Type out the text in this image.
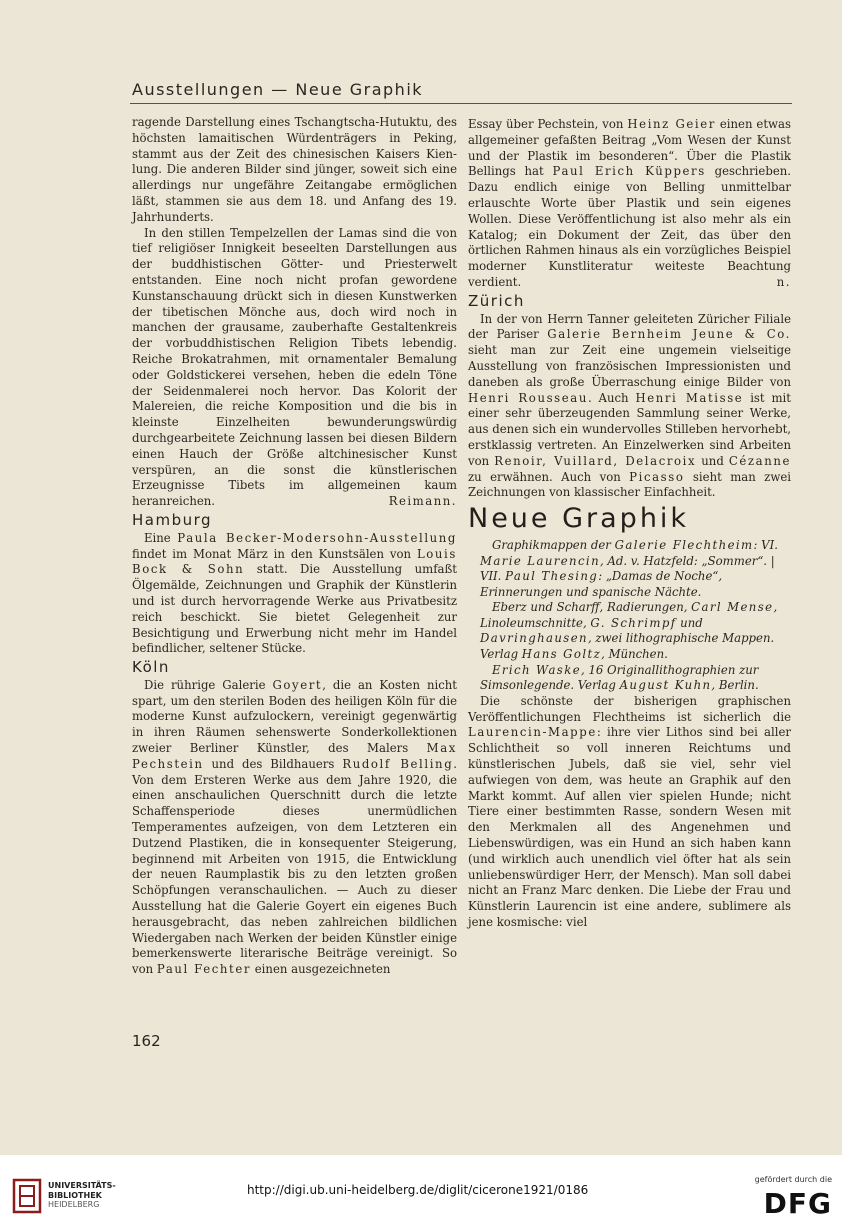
Ausstellungen — Neue Graphik

ragende Darstellung eines Tschangtscha-Hutuktu, des höchsten lamaitischen Würdenträgers in Peking, stammt aus der Zeit des chinesischen Kaisers Kien-lung. Die anderen Bilder sind jünger, soweit sich eine allerdings nur ungefähre Zeitangabe ermöglichen läßt, stammen sie aus dem 18. und Anfang des 19. Jahrhunderts.

In den stillen Tempelzellen der Lamas sind die von tief religiöser Innigkeit beseelten Darstellungen aus der buddhistischen Götter- und Priesterwelt entstanden. Eine noch nicht profan gewordene Kunstanschauung drückt sich in diesen Kunstwerken der tibetischen Mönche aus, doch wird noch in manchen der grausame, zauberhafte Gestaltenkreis der vorbuddhistischen Religion Tibets lebendig. Reiche Brokatrahmen, mit ornamentaler Bemalung oder Goldstickerei versehen, heben die edeln Töne der Seidenmalerei noch hervor. Das Kolorit der Malereien, die reiche Komposition und die bis in kleinste Einzelheiten bewunderungswürdig durchgearbeitete Zeichnung lassen bei diesen Bildern einen Hauch der Größe altchinesischer Kunst verspüren, an die sonst die künstlerischen Erzeugnisse Tibets im allgemeinen kaum heranreichen.	Reimann.

Hamburg

Eine Paula Becker-Modersohn-Ausstellung findet im Monat März in den Kunstsälen von Louis Bock & Sohn statt. Die Ausstellung umfaßt Ölgemälde, Zeichnungen und Graphik der Künstlerin und ist durch hervorragende Werke aus Privatbesitz reich beschickt. Sie bietet Gelegenheit zur Besichtigung und Erwerbung nicht mehr im Handel befindlicher, seltener Stücke.

Köln

Die rührige Galerie Goyert, die an Kosten nicht spart, um den sterilen Boden des heiligen Köln für die moderne Kunst aufzulockern, vereinigt gegenwärtig in ihren Räumen sehenswerte Sonderkollektionen zweier Berliner Künstler, des Malers Max Pechstein und des Bildhauers Rudolf Belling. Von dem Ersteren Werke aus dem Jahre 1920, die einen anschaulichen Querschnitt durch die letzte Schaffensperiode dieses unermüdlichen Temperamentes aufzeigen, von dem Letzteren ein Dutzend Plastiken, die in konsequenter Steigerung, beginnend mit Arbeiten von 1915, die Entwicklung der neuen Raumplastik bis zu den letzten großen Schöpfungen veranschaulichen. — Auch zu dieser Ausstellung hat die Galerie Goyert ein eigenes Buch herausgebracht, das neben zahlreichen bildlichen Wiedergaben nach Werken der beiden Künstler einige bemerkenswerte literarische Beiträge vereinigt. So von Paul Fechter einen ausgezeichneten

Essay über Pechstein, von Heinz Geier einen etwas allgemeiner gefaßten Beitrag „Vom Wesen der Kunst und der Plastik im besonderen“. Über die Plastik Bellings hat Paul Erich Küppers geschrieben. Dazu endlich einige von Belling unmittelbar erlauschte Worte über Plastik und sein eigenes Wollen. Diese Veröffentlichung ist also mehr als ein Katalog; ein Dokument der Zeit, das über den örtlichen Rahmen hinaus als ein vorzügliches Beispiel moderner Kunstliteratur weiteste Beachtung verdient.	n.

Zürich

In der von Herrn Tanner geleiteten Züricher Filiale der Pariser Galerie Bernheim Jeune & Co. sieht man zur Zeit eine ungemein vielseitige Ausstellung von französischen Impressionisten und daneben als große Überraschung einige Bilder von Henri Rousseau. Auch Henri Matisse ist mit einer sehr überzeugenden Sammlung seiner Werke, aus denen sich ein wundervolles Stilleben hervorhebt, erstklassig vertreten. An Einzelwerken sind Arbeiten von Renoir, Vuillard, Delacroix und Cézanne zu erwähnen. Auch von Picasso sieht man zwei Zeichnungen von klassischer Einfachheit.

Neue Graphik

Graphikmappen der Galerie Flechtheim: VI. Marie Laurencin, Ad. v. Hatzfeld: „Sommer“. | VII. Paul Thesing: „Damas de Noche“, Erinnerungen und spanische Nächte.

Eberz und Scharff, Radierungen, Carl Mense, Linoleumschnitte, G. Schrimpf und Davringhausen, zwei lithographische Mappen. Verlag Hans Goltz, München.

Erich Waske, 16 Originallithographien zur Simsonlegende. Verlag August Kuhn, Berlin.

Die schönste der bisherigen graphischen Veröffentlichungen Flechtheims ist sicherlich die Laurencin-Mappe: ihre vier Lithos sind bei aller Schlichtheit so voll inneren Reichtums und künstlerischen Jubels, daß sie viel, sehr viel aufwiegen von dem, was heute an Graphik auf den Markt kommt. Auf allen vier spielen Hunde; nicht Tiere einer bestimmten Rasse, sondern Wesen mit den Merkmalen all des Angenehmen und Liebenswürdigen, was ein Hund an sich haben kann (und wirklich auch unendlich viel öfter hat als sein unliebenswürdiger Herr, der Mensch). Man soll dabei nicht an Franz Marc denken. Die Liebe der Frau und Künstlerin Laurencin ist eine andere, sublimere als jene kosmische: viel

162
UNIVERSITÄTS-
BIBLIOTHEK
HEIDELBERG
http://digi.ub.uni-heidelberg.de/diglit/cicerone1921/0186
gefördert durch die
DFG
